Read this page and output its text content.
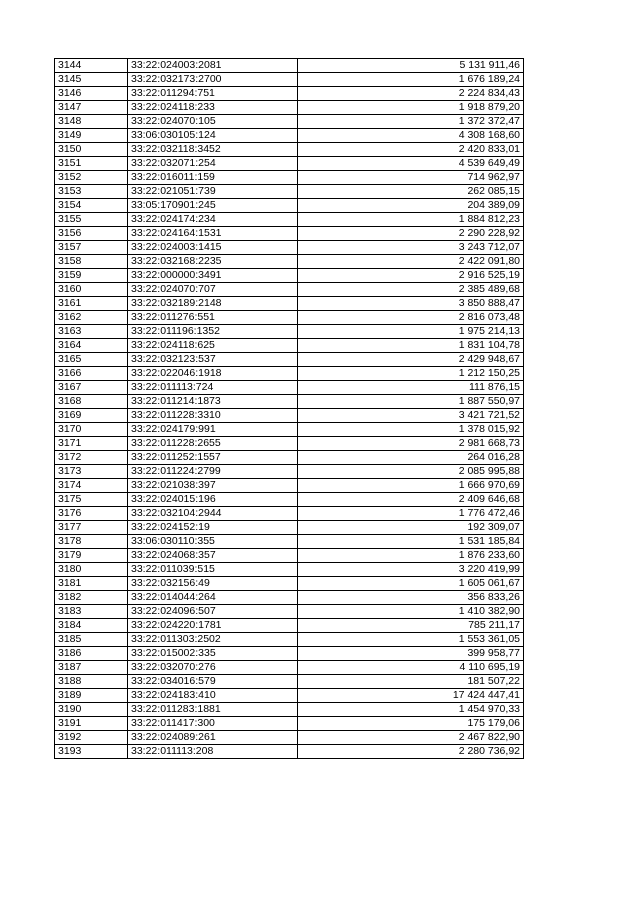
3144	33:22:024003:2081	5 131 911,46
3145	33:22:032173:2700	1 676 189,24
3146	33:22:011294:751	2 224 834,43
3147	33:22:024118:233	1 918 879,20
3148	33:22:024070:105	1 372 372,47
3149	33:06:030105:124	4 308 168,60
3150	33:22:032118:3452	2 420 833,01
3151	33:22:032071:254	4 539 649,49
3152	33:22:016011:159	714 962,97
3153	33:22:021051:739	262 085,15
3154	33:05:170901:245	204 389,09
3155	33:22:024174:234	1 884 812,23
3156	33:22:024164:1531	2 290 228,92
3157	33:22:024003:1415	3 243 712,07
3158	33:22:032168:2235	2 422 091,80
3159	33:22:000000:3491	2 916 525,19
3160	33:22:024070:707	2 385 489,68
3161	33:22:032189:2148	3 850 888,47
3162	33:22:011276:551	2 816 073,48
3163	33:22:011196:1352	1 975 214,13
3164	33:22:024118:625	1 831 104,78
3165	33:22:032123:537	2 429 948,67
3166	33:22:022046:1918	1 212 150,25
3167	33:22:011113:724	111 876,15
3168	33:22:011214:1873	1 887 550,97
3169	33:22:011228:3310	3 421 721,52
3170	33:22:024179:991	1 378 015,92
3171	33:22:011228:2655	2 981 668,73
3172	33:22:011252:1557	264 016,28
3173	33:22:011224:2799	2 085 995,88
3174	33:22:021038:397	1 666 970,69
3175	33:22:024015:196	2 409 646,68
3176	33:22:032104:2944	1 776 472,46
3177	33:22:024152:19	192 309,07
3178	33:06:030110:355	1 531 185,84
3179	33:22:024068:357	1 876 233,60
3180	33:22:011039:515	3 220 419,99
3181	33:22:032156:49	1 605 061,67
3182	33:22:014044:264	356 833,26
3183	33:22:024096:507	1 410 382,90
3184	33:22:024220:1781	785 211,17
3185	33:22:011303:2502	1 553 361,05
3186	33:22:015002:335	399 958,77
3187	33:22:032070:276	4 110 695,19
3188	33:22:034016:579	181 507,22
3189	33:22:024183:410	17 424 447,41
3190	33:22:011283:1881	1 454 970,33
3191	33:22:011417:300	175 179,06
3192	33:22:024089:261	2 467 822,90
3193	33:22:011113:208	2 280 736,92
